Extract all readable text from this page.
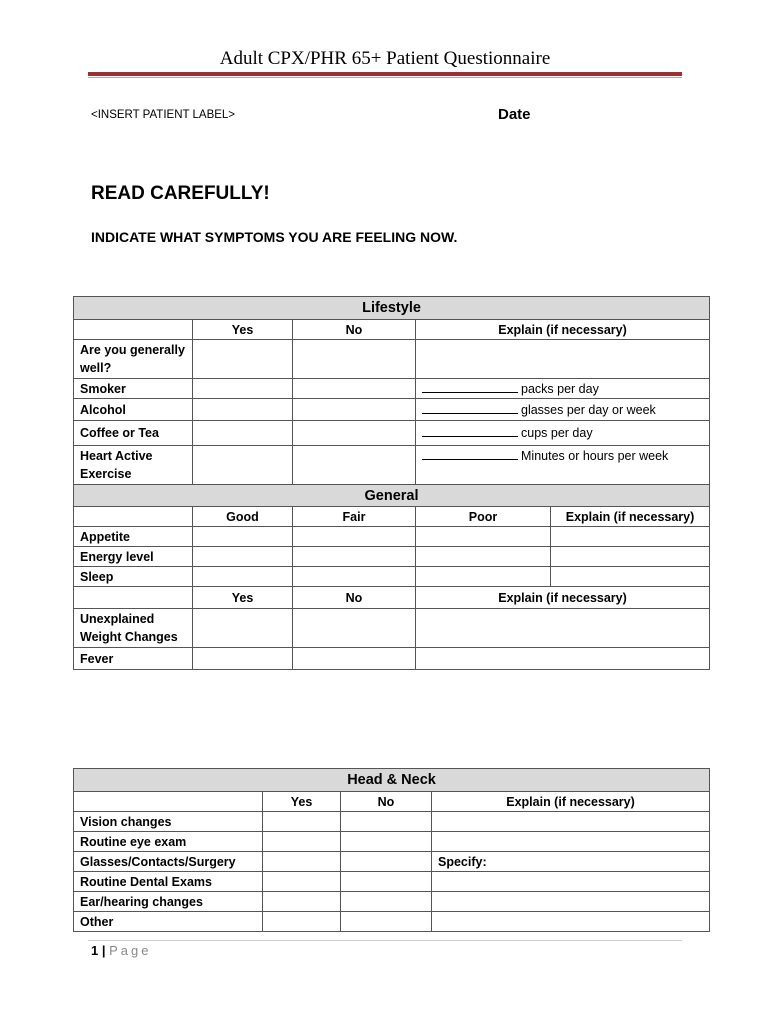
Adult CPX/PHR 65+ Patient Questionnaire
<INSERT PATIENT LABEL>	Date
READ CAREFULLY!
INDICATE WHAT SYMPTOMS YOU ARE FEELING NOW.
Lifestyle				
	Yes	No	Explain (if necessary)	
Are you generally well?				
Smoker			packs per day	
Alcohol			glasses per day or week	
Coffee or Tea			cups per day	
Heart Active Exercise			Minutes or hours per week	
General				
	Good	Fair	Poor	Explain (if necessary)
Appetite				
Energy level				
Sleep				
	Yes	No	Explain (if necessary)	
Unexplained Weight Changes				
Fever				
Head & Neck			
	Yes	No	Explain (if necessary)
Vision changes			
Routine eye exam			
Glasses/Contacts/Surgery			Specify:
Routine Dental Exams			
Ear/hearing changes			
Other			
1 | Page
